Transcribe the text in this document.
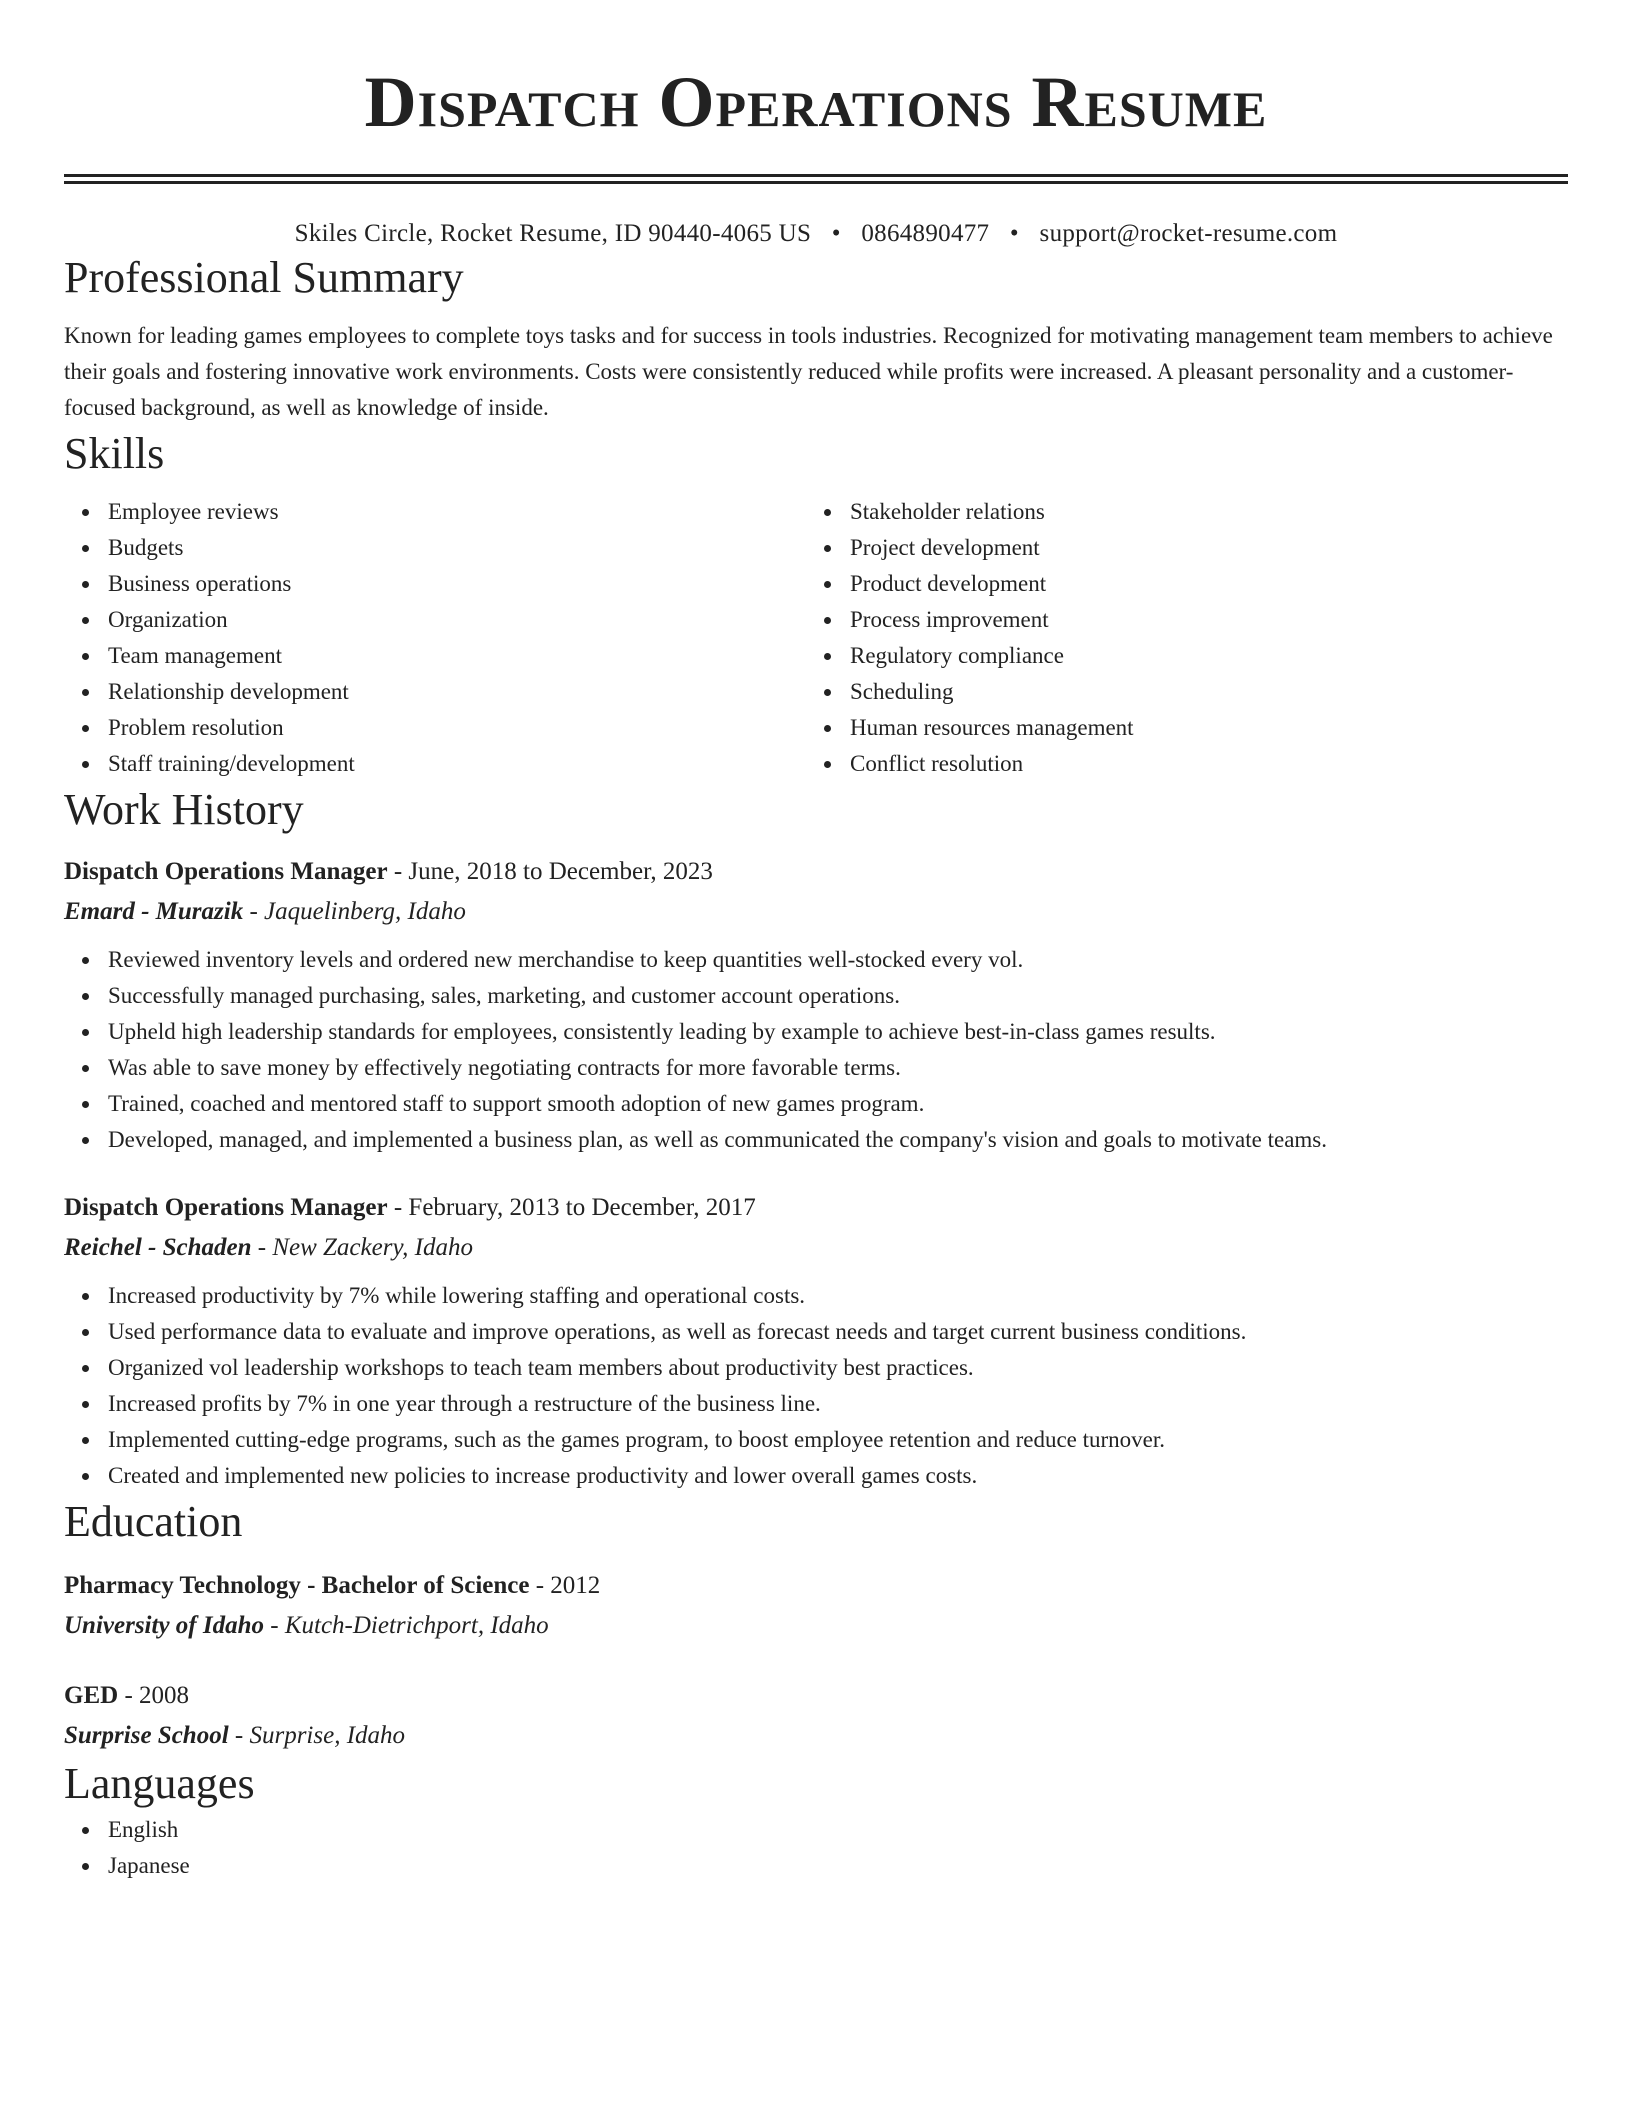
Dispatch Operations Resume
Skiles Circle, Rocket Resume, ID 90440-4065 US • 0864890477 • support@rocket-resume.com
Professional Summary
Known for leading games employees to complete toys tasks and for success in tools industries. Recognized for motivating management team members to achieve their goals and fostering innovative work environments. Costs were consistently reduced while profits were increased. A pleasant personality and a customer-focused background, as well as knowledge of inside.
Skills
Employee reviews
Budgets
Business operations
Organization
Team management
Relationship development
Problem resolution
Staff training/development
Stakeholder relations
Project development
Product development
Process improvement
Regulatory compliance
Scheduling
Human resources management
Conflict resolution
Work History
Dispatch Operations Manager - June, 2018 to December, 2023
Emard - Murazik - Jaquelinberg, Idaho
Reviewed inventory levels and ordered new merchandise to keep quantities well-stocked every vol.
Successfully managed purchasing, sales, marketing, and customer account operations.
Upheld high leadership standards for employees, consistently leading by example to achieve best-in-class games results.
Was able to save money by effectively negotiating contracts for more favorable terms.
Trained, coached and mentored staff to support smooth adoption of new games program.
Developed, managed, and implemented a business plan, as well as communicated the company's vision and goals to motivate teams.
Dispatch Operations Manager - February, 2013 to December, 2017
Reichel - Schaden - New Zackery, Idaho
Increased productivity by 7% while lowering staffing and operational costs.
Used performance data to evaluate and improve operations, as well as forecast needs and target current business conditions.
Organized vol leadership workshops to teach team members about productivity best practices.
Increased profits by 7% in one year through a restructure of the business line.
Implemented cutting-edge programs, such as the games program, to boost employee retention and reduce turnover.
Created and implemented new policies to increase productivity and lower overall games costs.
Education
Pharmacy Technology - Bachelor of Science - 2012
University of Idaho - Kutch-Dietrichport, Idaho
GED - 2008
Surprise School - Surprise, Idaho
Languages
English
Japanese
